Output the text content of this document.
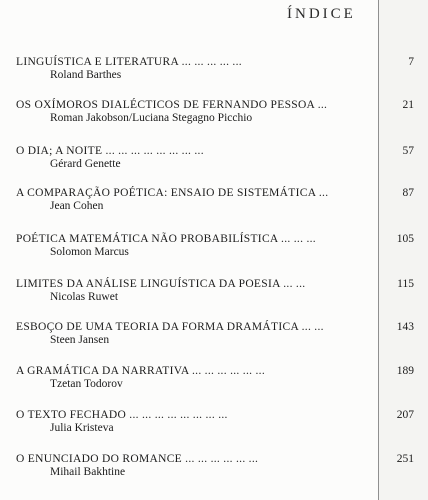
ÍNDICE
LINGUÍSTICA E LITERATURA ... ... ... ... ...
Roland Barthes
7
OS OXÍMOROS DIALÉCTICOS DE FERNANDO PESSOA ...
Roman Jakobson/Luciana Stegagno Picchio
21
O DIA; A NOITE ... ... ... ... ... ... ... ...
Gérard Genette
57
A COMPARAÇÃO POÉTICA: ENSAIO DE SISTEMÁTICA ...
Jean Cohen
87
POÉTICA MATEMÁTICA NÃO PROBABILÍSTICA ... ... ...
Solomon Marcus
105
LIMITES DA ANÁLISE LINGUÍSTICA DA POESIA ... ...
Nicolas Ruwet
115
ESBOÇO DE UMA TEORIA DA FORMA DRAMÁTICA ... ...
Steen Jansen
143
A GRAMÁTICA DA NARRATIVA ... ... ... ... ... ...
Tzetan Todorov
189
O TEXTO FECHADO ... ... ... ... ... ... ... ...
Julia Kristeva
207
O ENUNCIADO DO ROMANCE ... ... ... ... ... ...
Mihail Bakhtine
251
